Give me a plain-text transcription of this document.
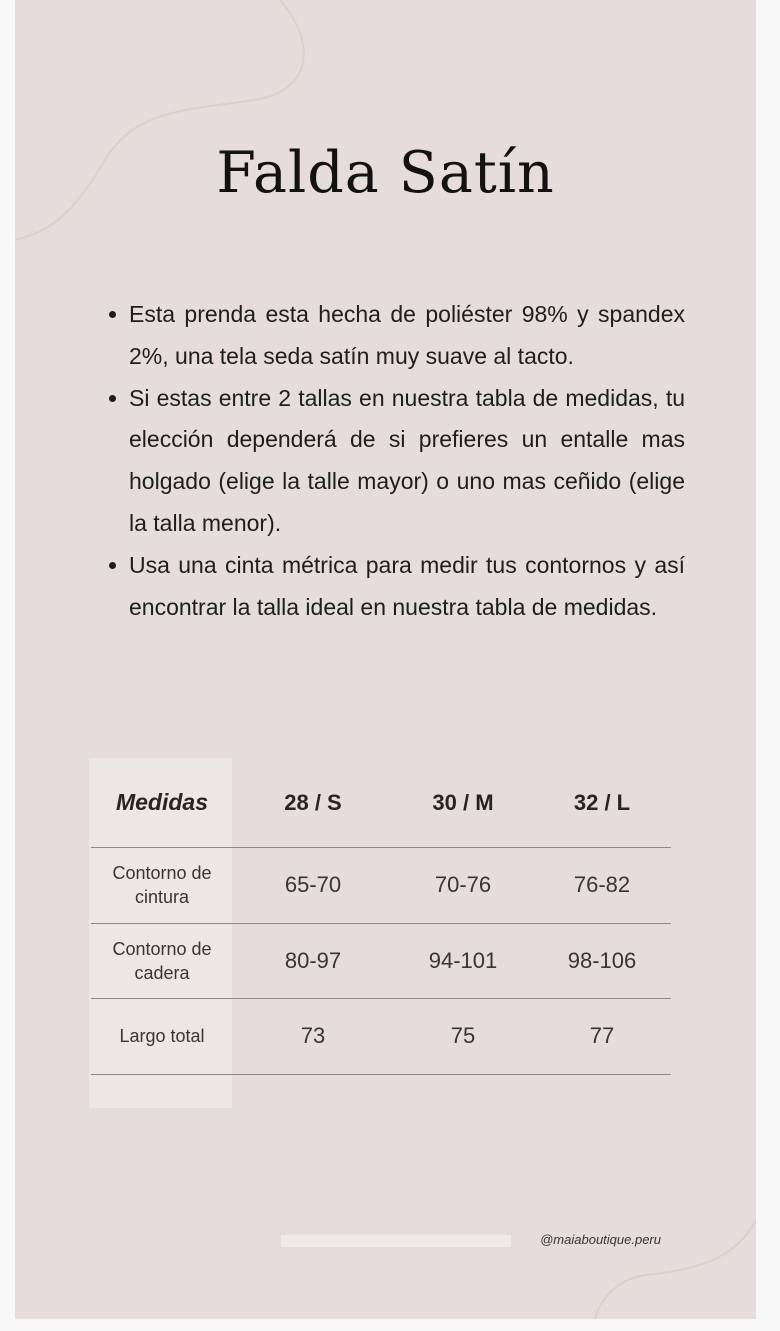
Falda Satín
Esta prenda esta hecha de poliéster 98% y spandex 2%, una tela seda satín muy suave al tacto.
Si estas entre 2 tallas en nuestra tabla de medidas, tu elección dependerá de si prefieres un entalle mas holgado (elige la talle mayor) o uno mas ceñido (elige la talla menor).
Usa una cinta métrica para medir tus contornos y así encontrar la talla ideal en nuestra tabla de medidas.
Medidas	28 / S	30 / M	32 / L
Contorno de cintura	65-70	70-76	76-82
Contorno de cadera	80-97	94-101	98-106
Largo total	73	75	77
@maiaboutique.peru
